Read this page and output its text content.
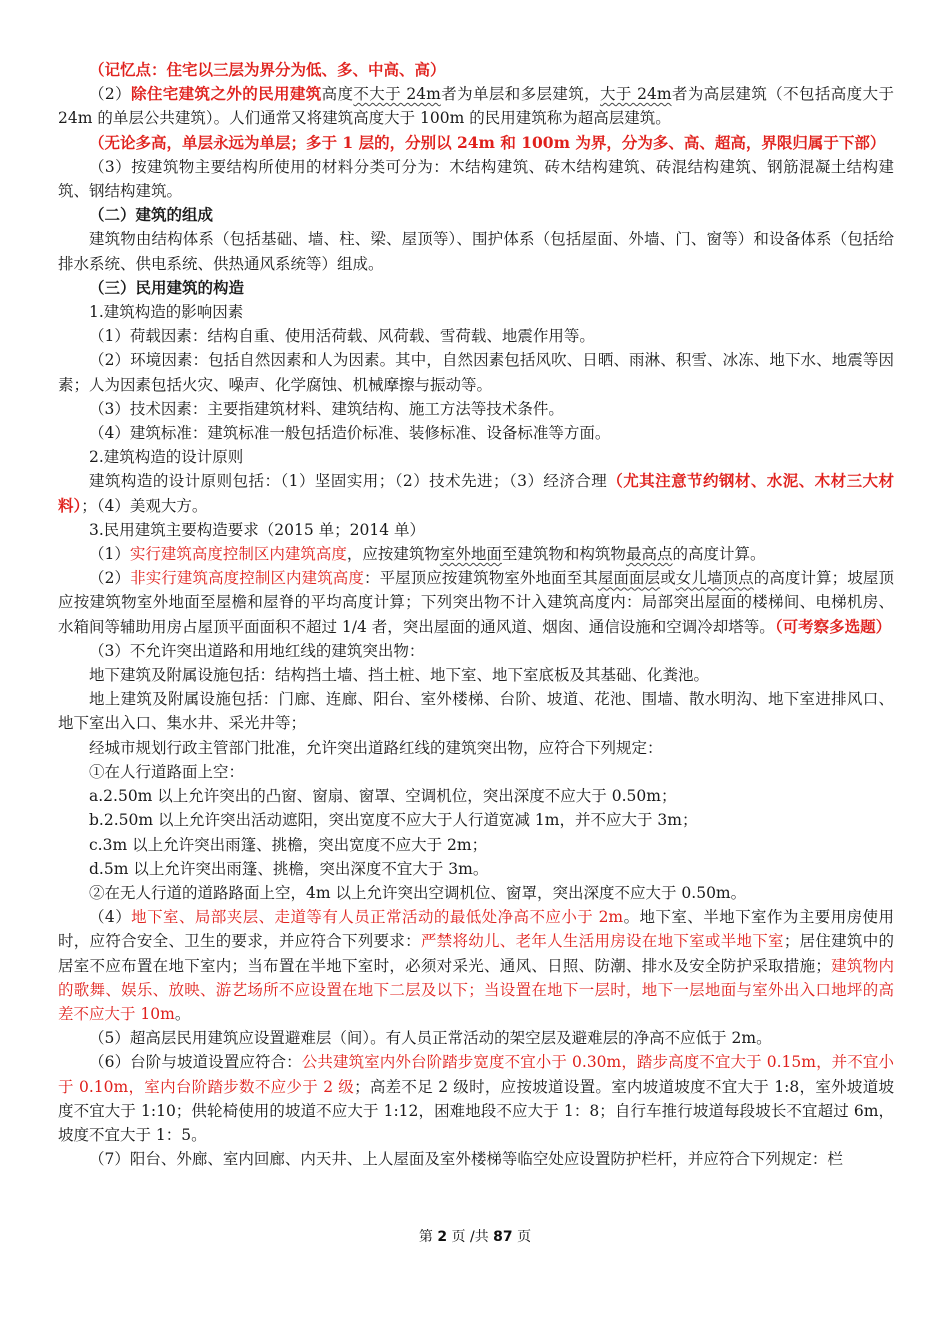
（记忆点：住宅以三层为界分为低、多、中高、高）

（2）除住宅建筑之外的民用建筑高度不大于 24m者为单层和多层建筑，大于 24m者为高层建筑（不包括高度大于 24m 的单层公共建筑）。人们通常又将建筑高度大于 100m 的民用建筑称为超高层建筑。

（无论多高，单层永远为单层；多于 1 层的，分别以 24m 和 100m 为界，分为多、高、超高，界限归属于下部）

（3）按建筑物主要结构所使用的材料分类可分为：木结构建筑、砖木结构建筑、砖混结构建筑、钢筋混凝土结构建筑、钢结构建筑。

（二）建筑的组成

建筑物由结构体系（包括基础、墙、柱、梁、屋顶等）、围护体系（包括屋面、外墙、门、窗等）和设备体系（包括给排水系统、供电系统、供热通风系统等）组成。

（三）民用建筑的构造

1.建筑构造的影响因素

（1）荷载因素：结构自重、使用活荷载、风荷载、雪荷载、地震作用等。

（2）环境因素：包括自然因素和人为因素。其中，自然因素包括风吹、日晒、雨淋、积雪、冰冻、地下水、地震等因素；人为因素包括火灾、噪声、化学腐蚀、机械摩擦与振动等。

（3）技术因素：主要指建筑材料、建筑结构、施工方法等技术条件。

（4）建筑标准：建筑标准一般包括造价标准、装修标准、设备标准等方面。

2.建筑构造的设计原则

建筑构造的设计原则包括：（1）坚固实用；（2）技术先进；（3）经济合理（尤其注意节约钢材、水泥、木材三大材料）；（4）美观大方。

3.民用建筑主要构造要求（2015 单；2014 单）

（1）实行建筑高度控制区内建筑高度，应按建筑物室外地面至建筑物和构筑物最高点的高度计算。

（2）非实行建筑高度控制区内建筑高度：平屋顶应按建筑物室外地面至其屋面面层或女儿墙顶点的高度计算；坡屋顶应按建筑物室外地面至屋檐和屋脊的平均高度计算；下列突出物不计入建筑高度内：局部突出屋面的楼梯间、电梯机房、水箱间等辅助用房占屋顶平面面积不超过 1/4 者，突出屋面的通风道、烟囱、通信设施和空调冷却塔等。（可考察多选题）

（3）不允许突出道路和用地红线的建筑突出物：

地下建筑及附属设施包括：结构挡土墙、挡土桩、地下室、地下室底板及其基础、化粪池。

地上建筑及附属设施包括：门廊、连廊、阳台、室外楼梯、台阶、坡道、花池、围墙、散水明沟、地下室进排风口、地下室出入口、集水井、采光井等；

经城市规划行政主管部门批准，允许突出道路红线的建筑突出物，应符合下列规定：

①在人行道路面上空：

a.2.50m 以上允许突出的凸窗、窗扇、窗罩、空调机位，突出深度不应大于 0.50m；

b.2.50m 以上允许突出活动遮阳，突出宽度不应大于人行道宽减 1m，并不应大于 3m；

c.3m 以上允许突出雨篷、挑檐，突出宽度不应大于 2m；

d.5m 以上允许突出雨篷、挑檐，突出深度不宜大于 3m。

②在无人行道的道路路面上空，4m 以上允许突出空调机位、窗罩，突出深度不应大于 0.50m。

（4）地下室、局部夹层、走道等有人员正常活动的最低处净高不应小于 2m。地下室、半地下室作为主要用房使用时，应符合安全、卫生的要求，并应符合下列要求：严禁将幼儿、老年人生活用房设在地下室或半地下室；居住建筑中的居室不应布置在地下室内；当布置在半地下室时，必须对采光、通风、日照、防潮、排水及安全防护采取措施；建筑物内的歌舞、娱乐、放映、游艺场所不应设置在地下二层及以下；当设置在地下一层时，地下一层地面与室外出入口地坪的高差不应大于 10m。

（5）超高层民用建筑应设置避难层（间）。有人员正常活动的架空层及避难层的净高不应低于 2m。

（6）台阶与坡道设置应符合：公共建筑室内外台阶踏步宽度不宜小于 0.30m，踏步高度不宜大于 0.15m，并不宜小于 0.10m，室内台阶踏步数不应少于 2 级；高差不足 2 级时，应按坡道设置。室内坡道坡度不宜大于 1:8，室外坡道坡度不宜大于 1:10；供轮椅使用的坡道不应大于 1:12，困难地段不应大于 1：8；自行车推行坡道每段坡长不宜超过 6m，坡度不宜大于 1：5。

（7）阳台、外廊、室内回廊、内天井、上人屋面及室外楼梯等临空处应设置防护栏杆，并应符合下列规定：栏

第 2 页 /共 87 页
